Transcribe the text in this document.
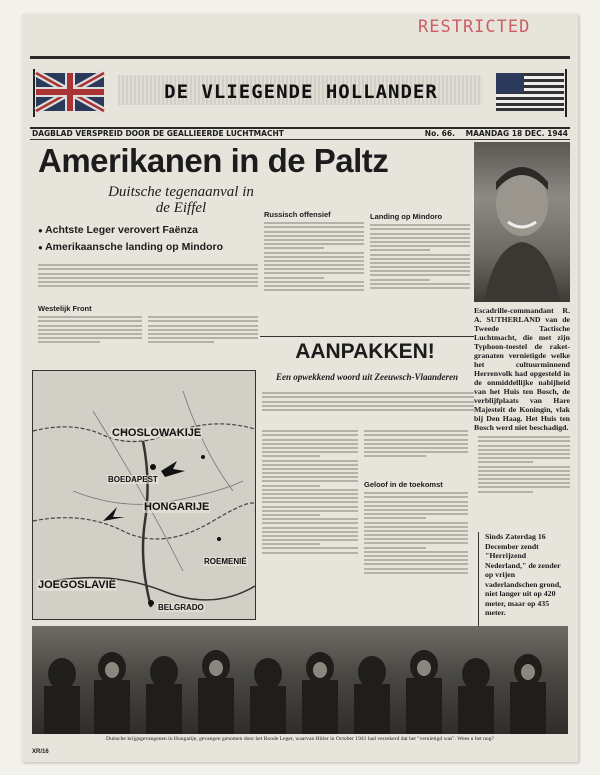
RESTRICTED
DE VLIEGENDE HOLLANDER
DAGBLAD VERSPREID DOOR DE GEALLIEERDE LUCHTMACHT	No. 66. MAANDAG 18 DEC. 1944
Amerikanen in de Paltz
Duitsche tegenaanval in de Eiffel
● Achtste Leger verovert Faënza
● Amerikaansche landing op Mindoro
Westelijk Front
Russisch offensief	Landing op Mindoro
Escadrille-commandant R. A. SUTHERLAND van de Tweede Tactische Luchtmacht, die met zijn Typhoon-toestel de raket-granaten vernietigde welke het cultuurminnend Herrenvolk had opgesteld in de onmiddellijke nabijheid van het Huis ten Bosch, de verblijfplaats van Hare Majesteit de Koningin, vlak bij Den Haag. Het Huis ten Bosch werd niet beschadigd.
AANPAKKEN!
Een opwekkend woord uit Zeeuwsch-Vlaanderen
CHOSLOWAKIJE
HONGARIJE
ROEMENIË
JOEGOSLAVIË
BOEDAPEST
BELGRADO
Geloof in de toekomst
Sinds Zaterdag 16 December zendt "Herrijzend Nederland," de zender op vrijen vaderlandschen grond, niet langer uit op 420 meter, maar op 435 meter.
Duitsche krijgsgevangenen in Hongarije, gevangen genomen door het Roode Leger, waarvan Hitler in October 1941 had verzekerd dat het "vernietigd was". Wees u het nog?
XR/16
